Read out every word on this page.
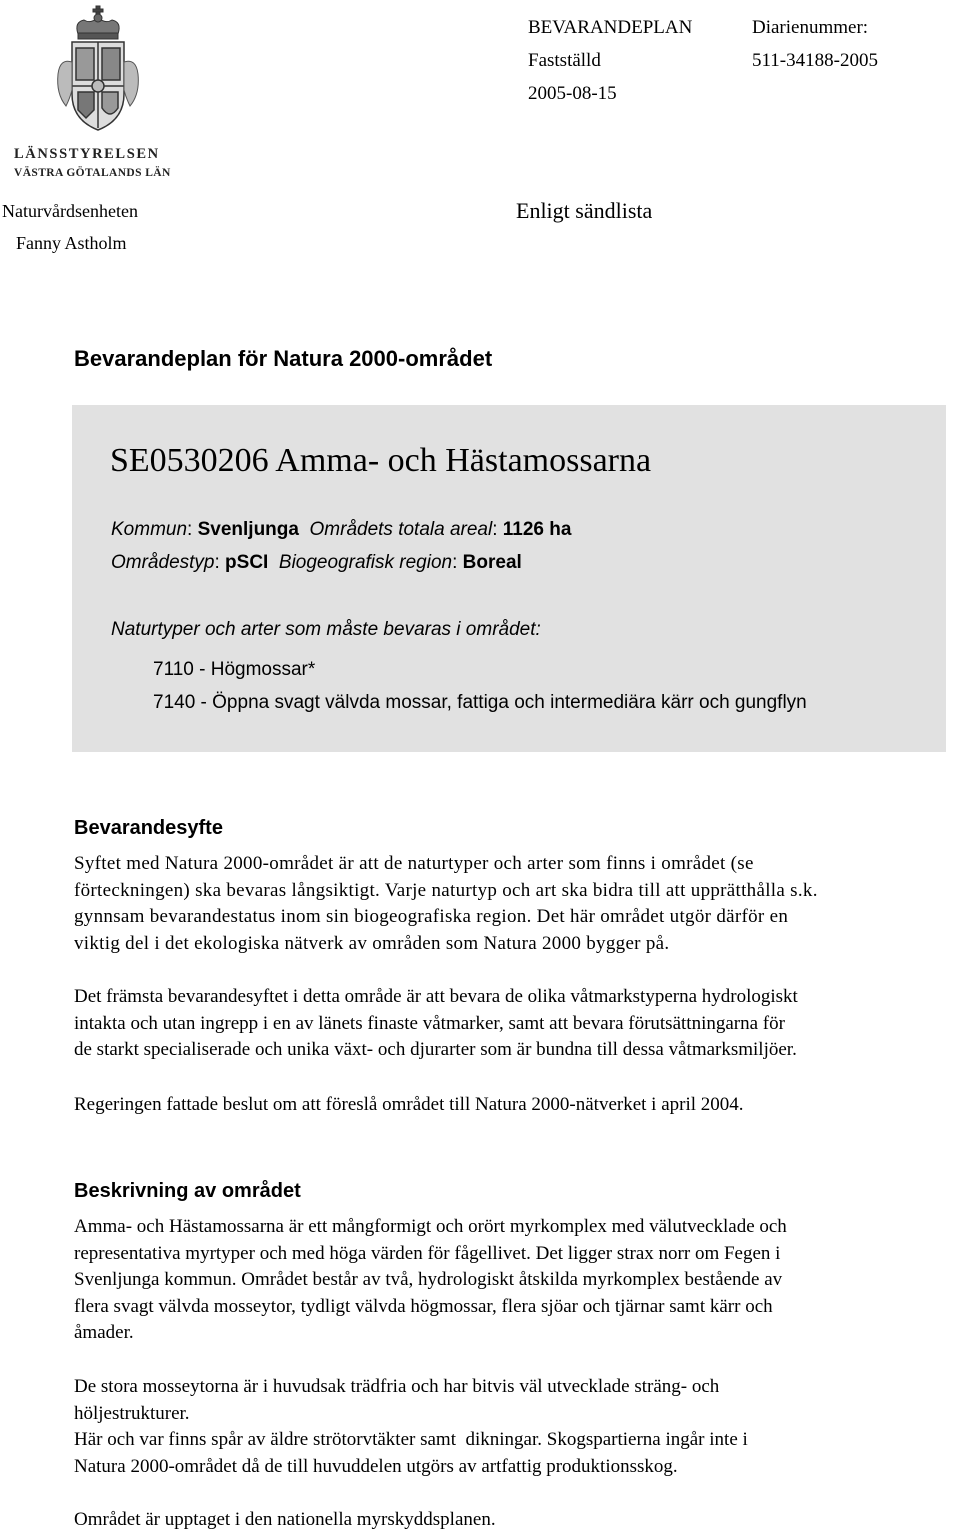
LÄNSSTYRELSEN
VÄSTRA GÖTALANDS LÄN
BEVARANDEPLAN
Fastställd
2005-08-15
Diarienummer:
511-34188-2005
Naturvårdsenheten
Fanny Astholm
Enligt sändlista
Bevarandeplan för Natura 2000-området
SE0530206 Amma- och Hästamossarna
Kommun: Svenljunga Områdets totala areal: 1126 ha
Områdestyp: pSCI Biogeografisk region: Boreal
Naturtyper och arter som måste bevaras i området:
7110 - Högmossar*
7140 - Öppna svagt välvda mossar, fattiga och intermediära kärr och gungflyn
Bevarandesyfte
Syftet med Natura 2000-området är att de naturtyper och arter som finns i området (se
förteckningen) ska bevaras långsiktigt. Varje naturtyp och art ska bidra till att upprätthålla s.k.
gynnsam bevarandestatus inom sin biogeografiska region. Det här området utgör därför en
viktig del i det ekologiska nätverk av områden som Natura 2000 bygger på.
Det främsta bevarandesyftet i detta område är att bevara de olika våtmarkstyperna hydrologiskt
intakta och utan ingrepp i en av länets finaste våtmarker, samt att bevara förutsättningarna för
de starkt specialiserade och unika växt- och djurarter som är bundna till dessa våtmarksmiljöer.
Regeringen fattade beslut om att föreslå området till Natura 2000-nätverket i april 2004.
Beskrivning av området
Amma- och Hästamossarna är ett mångformigt och orört myrkomplex med välutvecklade och
representativa myrtyper och med höga värden för fågellivet. Det ligger strax norr om Fegen i
Svenljunga kommun. Området består av två, hydrologiskt åtskilda myrkomplex bestående av
flera svagt välvda mosseytor, tydligt välvda högmossar, flera sjöar och tjärnar samt kärr och
åmader.
De stora mosseytorna är i huvudsak trädfria och har bitvis väl utvecklade sträng- och
höljestrukturer.
Här och var finns spår av äldre strötorvtäkter samt  dikningar. Skogspartierna ingår inte i
Natura 2000-området då de till huvuddelen utgörs av artfattig produktionsskog.
Området är upptaget i den nationella myrskyddsplanen.
